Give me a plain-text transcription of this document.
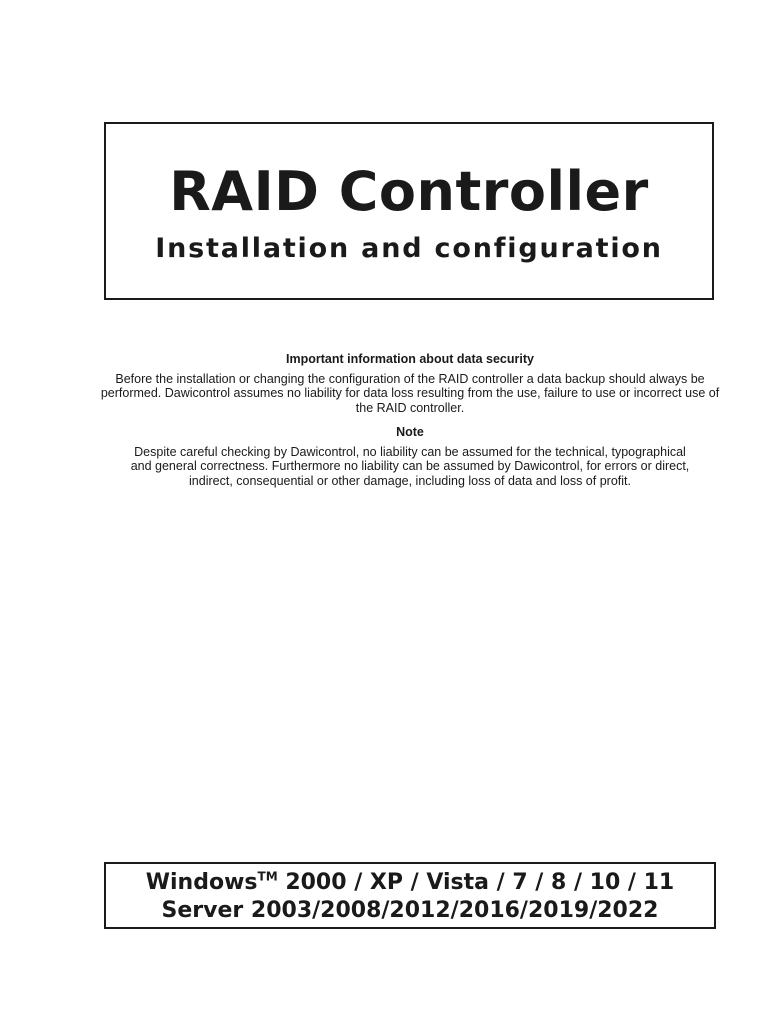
RAID Controller
Installation and configuration

Important information about data security

Before the installation or changing the configuration of the RAID controller a data backup should always be performed. Dawicontrol assumes no liability for data loss resulting from the use, failure to use or incorrect use of the RAID controller.

Note

Despite careful checking by Dawicontrol, no liability can be assumed for the technical, typographical and general correctness. Furthermore no liability can be assumed by Dawicontrol, for errors or direct, indirect, consequential or other damage, including loss of data and loss of profit.

Windows™ 2000 / XP / Vista / 7 / 8 / 10 / 11

Server 2003/2008/2012/2016/2019/2022
